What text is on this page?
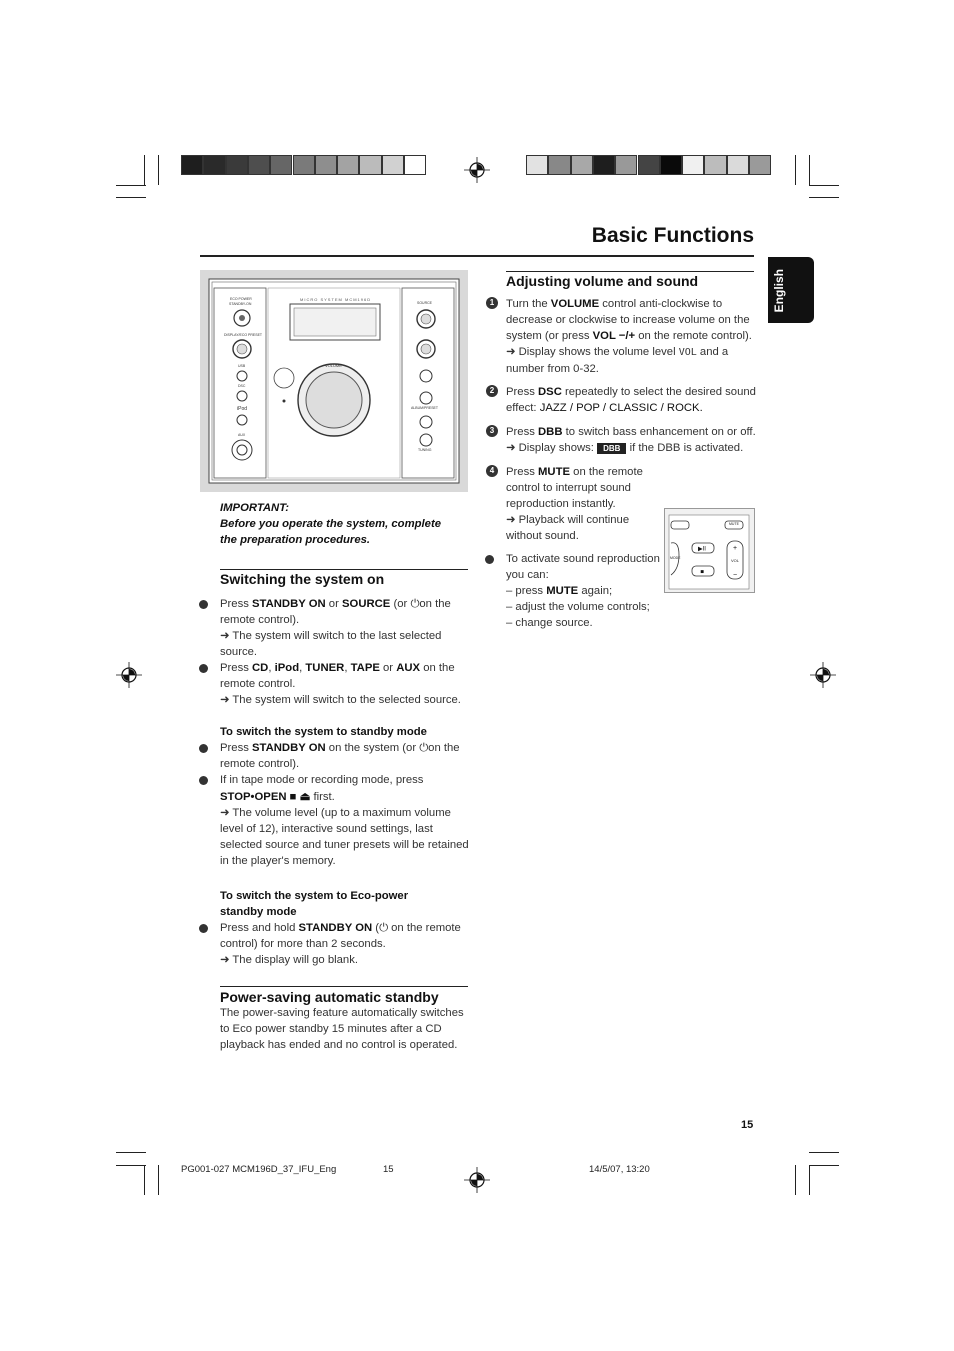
Basic Functions
English
MICRO SYSTEM MCM196D
ECO POWER
STANDBY-ON
DISPLAY/ECO PRESET
USB
DSC
iPod
AUX
VOLUME
SOURCE
ALBUM/PRESET
TUNING

IMPORTANT:

Before you operate the system, complete

the preparation procedures.

Switching the system on

Press STANDBY ON or SOURCE (or ⏻on the remote control).

➜ The system will switch to the last selected source.

Press CD, iPod, TUNER, TAPE or AUX on the remote control.

➜ The system will switch to the selected source.

To switch the system to standby mode

Press STANDBY ON on the system (or ⏻on the remote control).

If in tape mode or recording mode, press

STOP•OPEN ■ ⏏ first.

➜ The volume level (up to a maximum volume level of 12), interactive sound settings, last selected source and tuner presets will be retained in the player's memory.

To switch the system to Eco-power standby mode

Press and hold STANDBY ON (⏻ on the remote control) for more than 2 seconds.

➜ The display will go blank.

Power-saving automatic standby

The power-saving feature automatically switches to Eco power standby 15 minutes after a CD playback has ended and no control is operated.

Adjusting volume and sound

1	Turn the VOLUME control anti-clockwise to decrease or clockwise to increase volume on the system (or press VOL −/+ on the remote control).

➜ Display shows the volume level VOL and a number from 0-32.

2	Press DSC repeatedly to select the desired sound effect: JAZZ / POP / CLASSIC / ROCK.

3	Press DBB to switch bass enhancement on or off.

➜ Display shows: DBB if the DBB is activated.

4	Press MUTE on the remote control to interrupt sound reproduction instantly.

➜ Playback will continue without sound.

To activate sound reproduction you can:

– press MUTE again;

– adjust the volume controls;

– change source.

▶II
■
+
−
MUTE
VOL
MODE
15
PG001-027 MCM196D_37_IFU_Eng	15	14/5/07, 13:20
